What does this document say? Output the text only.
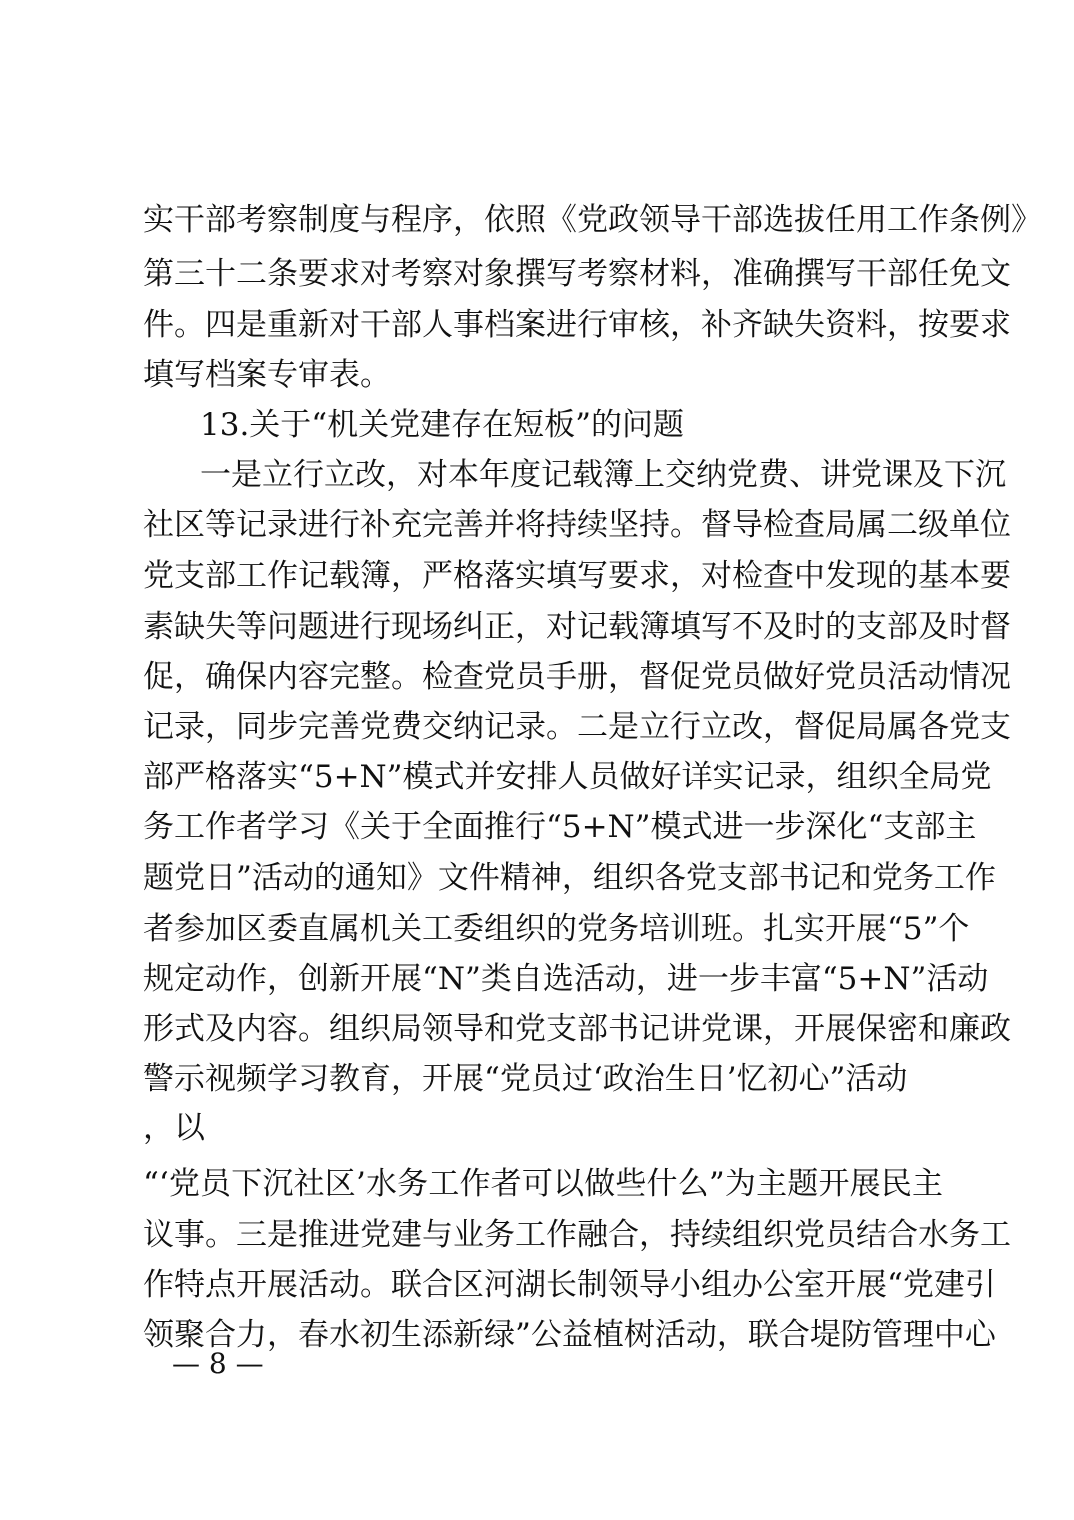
实干部考察制度与程序，依照《党政领导干部选拔任用工作条例》
第三十二条要求对考察对象撰写考察材料，准确撰写干部任免文
件。四是重新对干部人事档案进行审核，补齐缺失资料，按要求
填写档案专审表。
13.关于“机关党建存在短板”的问题
一是立行立改，对本年度记载簿上交纳党费、讲党课及下沉
社区等记录进行补充完善并将持续坚持。督导检查局属二级单位
党支部工作记载簿，严格落实填写要求，对检查中发现的基本要
素缺失等问题进行现场纠正，对记载簿填写不及时的支部及时督
促，确保内容完整。检查党员手册，督促党员做好党员活动情况
记录，同步完善党费交纳记录。二是立行立改，督促局属各党支
部严格落实“5+N”模式并安排人员做好详实记录，组织全局党
务工作者学习《关于全面推行“5+N”模式进一步深化“支部主
题党日”活动的通知》文件精神，组织各党支部书记和党务工作
者参加区委直属机关工委组织的党务培训班。扎实开展“5”个
规定动作，创新开展“N”类自选活动，进一步丰富“5+N”活动
形式及内容。组织局领导和党支部书记讲党课，开展保密和廉政
警示视频学习教育，开展“党员过‘政治生日’忆初心”活动
，以
“‘党员下沉社区’水务工作者可以做些什么”为主题开展民主
议事。三是推进党建与业务工作融合，持续组织党员结合水务工
作特点开展活动。联合区河湖长制领导小组办公室开展“党建引
领聚合力，春水初生添新绿”公益植树活动，联合堤防管理中心
— 8 —
